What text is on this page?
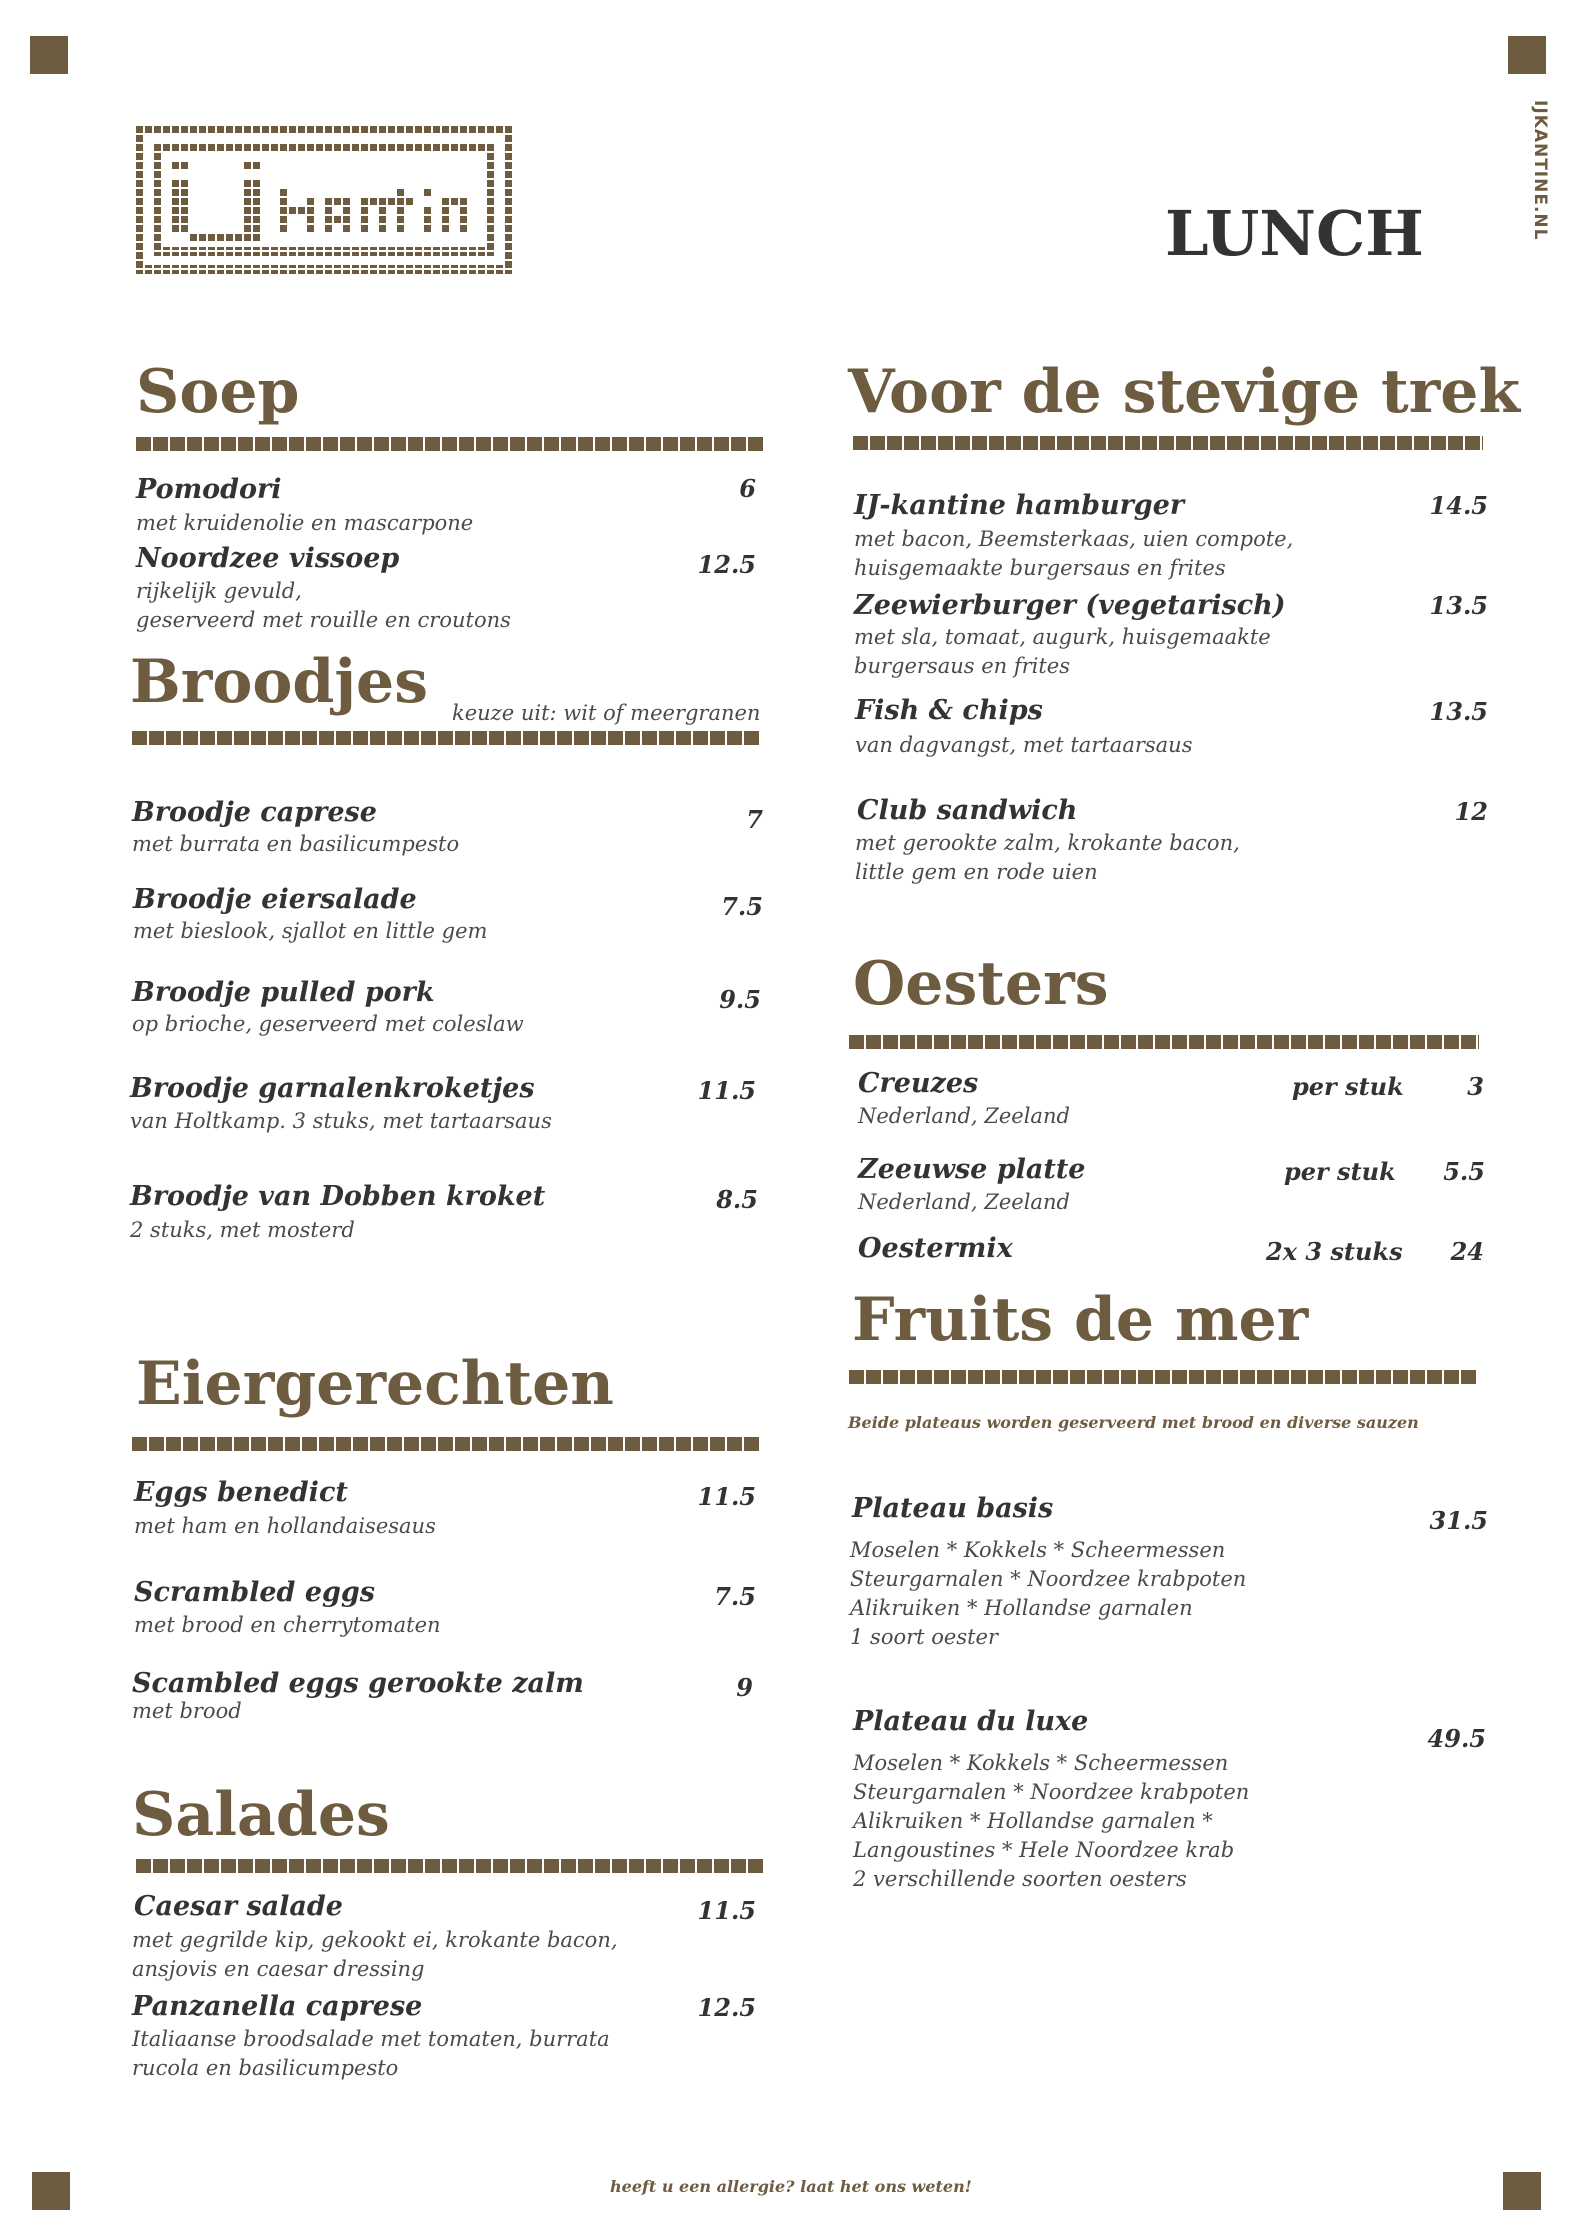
IJKANTINE.NL
LUNCH
Soep
Pomodori	6
met kruidenolie en mascarpone
Noordzee vissoep	12.5
rijkelijk gevuld,
geserveerd met rouille en croutons
Broodjes keuze uit: wit of meergranen
Broodje caprese	7
met burrata en basilicumpesto
Broodje eiersalade	7.5
met bieslook, sjallot en little gem
Broodje pulled pork	9.5
op brioche, geserveerd met coleslaw
Broodje garnalenkroketjes	11.5
van Holtkamp. 3 stuks, met tartaarsaus
Broodje van Dobben kroket	8.5
2 stuks, met mosterd
Eiergerechten
Eggs benedict	11.5
met ham en hollandaisesaus
Scrambled eggs	7.5
met brood en cherrytomaten
Scambled eggs gerookte zalm	9
met brood
Salades
Caesar salade	11.5
met gegrilde kip, gekookt ei, krokante bacon,
ansjovis en caesar dressing
Panzanella caprese	12.5
Italiaanse broodsalade met tomaten, burrata
rucola en basilicumpesto
Voor de stevige trek
IJ-kantine hamburger	14.5
met bacon, Beemsterkaas, uien compote,
huisgemaakte burgersaus en frites
Zeewierburger (vegetarisch)	13.5
met sla, tomaat, augurk, huisgemaakte
burgersaus en frites
Fish & chips	13.5
van dagvangst, met tartaarsaus
Club sandwich	12
met gerookte zalm, krokante bacon,
little gem en rode uien
Oesters
Creuzes	per stuk	3
Nederland, Zeeland
Zeeuwse platte	per stuk	5.5
Nederland, Zeeland
Oestermix	2x 3 stuks	24
Fruits de mer
Beide plateaus worden geserveerd met brood en diverse sauzen
Plateau basis	31.5
Moselen * Kokkels * Scheermessen
Steurgarnalen * Noordzee krabpoten
Alikruiken * Hollandse garnalen
1 soort oester
Plateau du luxe
49.5
Moselen * Kokkels * Scheermessen
Steurgarnalen * Noordzee krabpoten
Alikruiken * Hollandse garnalen *
Langoustines * Hele Noordzee krab
2 verschillende soorten oesters
heeft u een allergie? laat het ons weten!
